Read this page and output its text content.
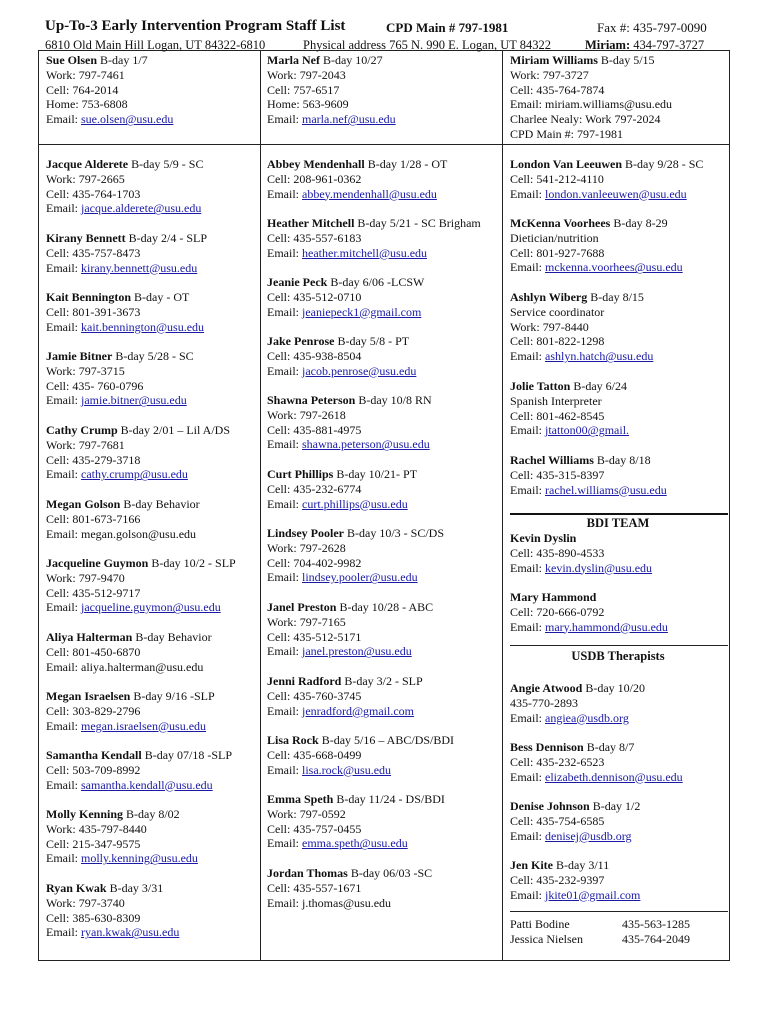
Up-To-3 Early Intervention Program Staff List	CPD Main # 797-1981	Fax #: 435-797-0090
6810 Old Main Hill Logan, UT 84322-6810	Physical address 765 N. 990 E. Logan, UT 84322	Miriam: 434-797-3727
Sue Olsen B-day 1/7
Work: 797-7461
Cell: 764-2014
Home: 753-6808
Email: sue.olsen@usu.edu
Jacque Alderete B-day 5/9 - SC
Work: 797-2665
Cell: 435-764-1703
Email: jacque.alderete@usu.edu
Kirany Bennett B-day 2/4 - SLP
Cell: 435-757-8473
Email: kirany.bennett@usu.edu
Kait Bennington B-day - OT
Cell: 801-391-3673
Email: kait.bennington@usu.edu
Jamie Bitner B-day 5/28 - SC
Work: 797-3715
Cell: 435- 760-0796
Email: jamie.bitner@usu.edu
Cathy Crump B-day 2/01 – Lil A/DS
Work: 797-7681
Cell: 435-279-3718
Email: cathy.crump@usu.edu
Megan Golson B-day Behavior
Cell: 801-673-7166
Email: megan.golson@usu.edu
Jacqueline Guymon B-day 10/2 - SLP
Work: 797-9470
Cell: 435-512-9717
Email: jacqueline.guymon@usu.edu
Aliya Halterman B-day Behavior
Cell: 801-450-6870
Email: aliya.halterman@usu.edu
Megan Israelsen B-day 9/16 -SLP
Cell: 303-829-2796
Email: megan.israelsen@usu.edu
Samantha Kendall B-day 07/18 -SLP
Cell: 503-709-8992
Email: samantha.kendall@usu.edu
Molly Kenning B-day 8/02
Work: 435-797-8440
Cell: 215-347-9575
Email: molly.kenning@usu.edu
Ryan Kwak B-day 3/31
Work: 797-3740
Cell: 385-630-8309
Email: ryan.kwak@usu.edu
Marla Nef B-day 10/27
Work: 797-2043
Cell: 757-6517
Home: 563-9609
Email: marla.nef@usu.edu
Abbey Mendenhall B-day 1/28 - OT
Cell: 208-961-0362
Email: abbey.mendenhall@usu.edu
Heather Mitchell B-day 5/21 - SC Brigham
Cell: 435-557-6183
Email: heather.mitchell@usu.edu
Jeanie Peck B-day 6/06 -LCSW
Cell: 435-512-0710
Email: jeaniepeck1@gmail.com
Jake Penrose B-day 5/8 - PT
Cell: 435-938-8504
Email: jacob.penrose@usu.edu
Shawna Peterson B-day 10/8 RN
Work: 797-2618
Cell: 435-881-4975
Email: shawna.peterson@usu.edu
Curt Phillips B-day 10/21- PT
Cell: 435-232-6774
Email: curt.phillips@usu.edu
Lindsey Pooler B-day 10/3 - SC/DS
Work: 797-2628
Cell: 704-402-9982
Email: lindsey.pooler@usu.edu
Janel Preston B-day 10/28 - ABC
Work: 797-7165
Cell: 435-512-5171
Email: janel.preston@usu.edu
Jenni Radford B-day 3/2 - SLP
Cell: 435-760-3745
Email: jenradford@gmail.com
Lisa Rock B-day 5/16 – ABC/DS/BDI
Cell: 435-668-0499
Email: lisa.rock@usu.edu
Emma Speth B-day 11/24 - DS/BDI
Work: 797-0592
Cell: 435-757-0455
Email: emma.speth@usu.edu
Jordan Thomas B-day 06/03 -SC
Cell: 435-557-1671
Email: j.thomas@usu.edu
Miriam Williams B-day 5/15
Work: 797-3727
Cell: 435-764-7874
Email: miriam.williams@usu.edu
Charlee Nealy: Work 797-2024
CPD Main #: 797-1981
London Van Leeuwen B-day 9/28 - SC
Cell: 541-212-4110
Email: london.vanleeuwen@usu.edu
McKenna Voorhees B-day 8-29
Dietician/nutrition
Cell: 801-927-7688
Email: mckenna.voorhees@usu.edu
Ashlyn Wiberg B-day 8/15
Service coordinator
Work: 797-8440
Cell: 801-822-1298
Email: ashlyn.hatch@usu.edu
Jolie Tatton B-day 6/24
Spanish Interpreter
Cell: 801-462-8545
Email: jtatton00@gmail.
Rachel Williams B-day 8/18
Cell: 435-315-8397
Email: rachel.williams@usu.edu
BDI TEAM
Kevin Dyslin
Cell: 435-890-4533
Email: kevin.dyslin@usu.edu
Mary Hammond
Cell: 720-666-0792
Email: mary.hammond@usu.edu
USDB Therapists
Angie Atwood B-day 10/20
435-770-2893
Email: angiea@usdb.org
Bess Dennison B-day 8/7
Cell: 435-232-6523
Email: elizabeth.dennison@usu.edu
Denise Johnson B-day 1/2
Cell: 435-754-6585
Email: denisej@usdb.org
Jen Kite B-day 3/11
Cell: 435-232-9397
Email: jkite01@gmail.com
Patti Bodine	435-563-1285
Jessica Nielsen	435-764-2049
